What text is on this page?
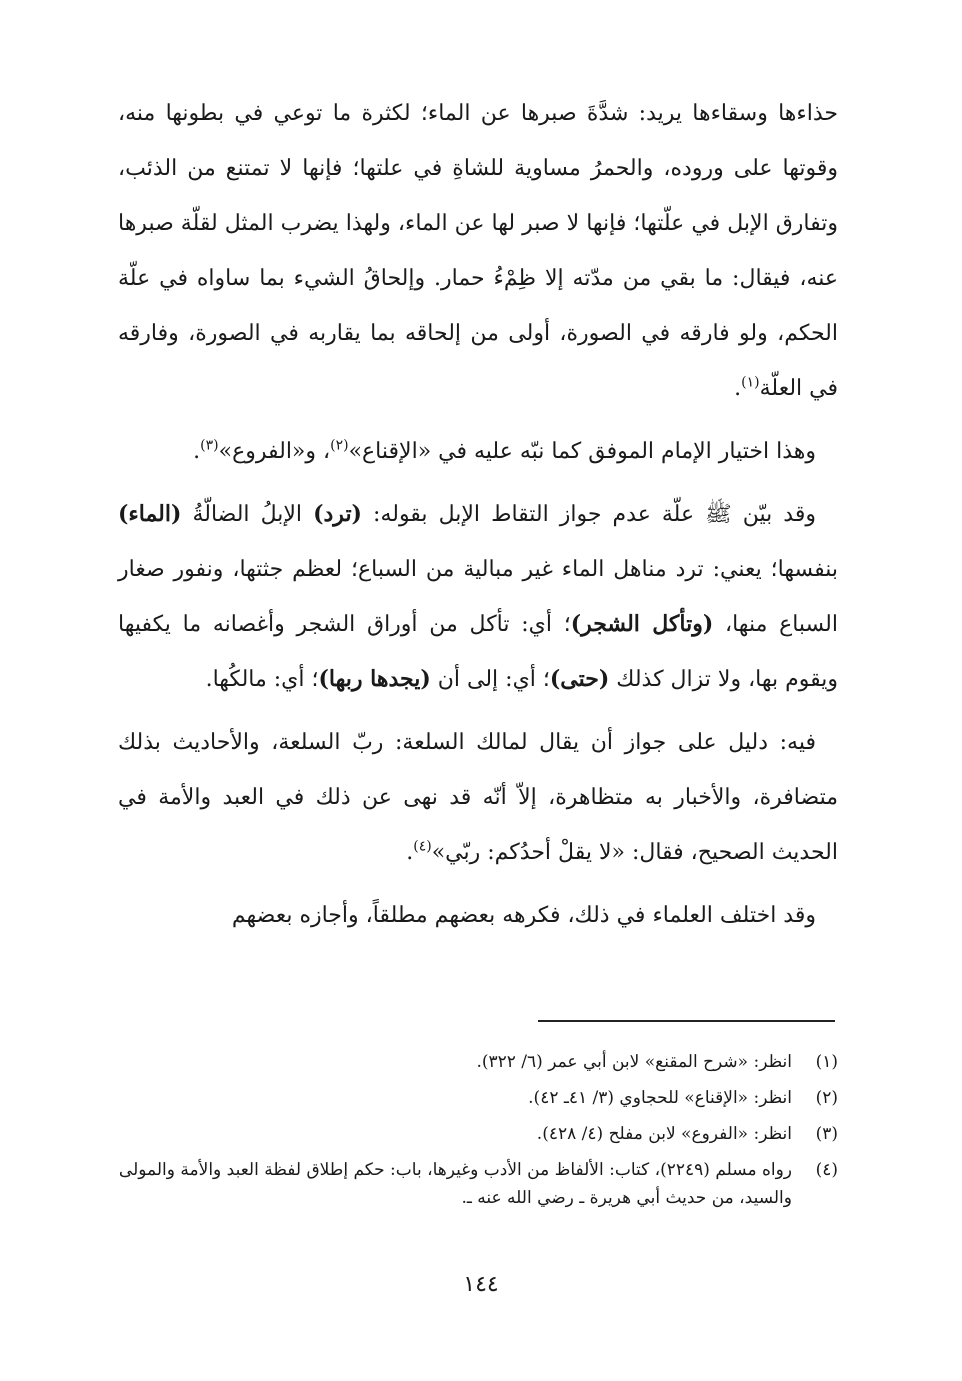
حذاءها وسقاءها يريد: شدَّةَ صبرها عن الماء؛ لكثرة ما توعي في بطونها منه، وقوتها على وروده، والحمرُ مساوية للشاةِ في علتها؛ فإنها لا تمتنع من الذئب، وتفارق الإبل في علّتها؛ فإنها لا صبر لها عن الماء، ولهذا يضرب المثل لقلّة صبرها عنه، فيقال: ما بقي من مدّته إلا ظِمْءُ حمار. وإلحاقُ الشيء بما ساواه في علّة الحكم، ولو فارقه في الصورة، أولى من إلحاقه بما يقاربه في الصورة، وفارقه في العلّة$^{(١)}$.

وهذا اختيار الإمام الموفق كما نبّه عليه في «الإقناع»$^{(٢)}$، و«الفروع»$^{(٣)}$.

وقد بيّن ﷺ علّة عدم جواز التقاط الإبل بقوله: (ترد) الإبلُ الضالّةُ (الماء) بنفسها؛ يعني: ترد مناهل الماء غير مبالية من السباع؛ لعظم جثتها، ونفور صغار السباع منها، (وتأكل الشجر)؛ أي: تأكل من أوراق الشجر وأغصانه ما يكفيها ويقوم بها، ولا تزال كذلك (حتى)؛ أي: إلى أن (يجدها ربها)؛ أي: مالكُها.

فيه: دليل على جواز أن يقال لمالك السلعة: ربّ السلعة، والأحاديث بذلك متضافرة، والأخبار به متظاهرة، إلاّ أنّه قد نهى عن ذلك في العبد والأمة في الحديث الصحيح، فقال: «لا يقلْ أحدُكم: ربّي»$^{(٤)}$.

وقد اختلف العلماء في ذلك، فكرهه بعضهم مطلقاً، وأجازه بعضهم

(١)
انظر: «شرح المقنع» لابن أبي عمر (٦/ ٣٢٢).
(٢)
انظر: «الإقناع» للحجاوي (٣/ ٤١ـ ٤٢).
(٣)
انظر: «الفروع» لابن مفلح (٤/ ٤٢٨).
(٤)
رواه مسلم (٢٢٤٩)، كتاب: الألفاظ من الأدب وغيرها، باب: حكم إطلاق لفظة العبد والأمة والمولى والسيد، من حديث أبي هريرة ـ رضي الله عنه ـ.
١٤٤
